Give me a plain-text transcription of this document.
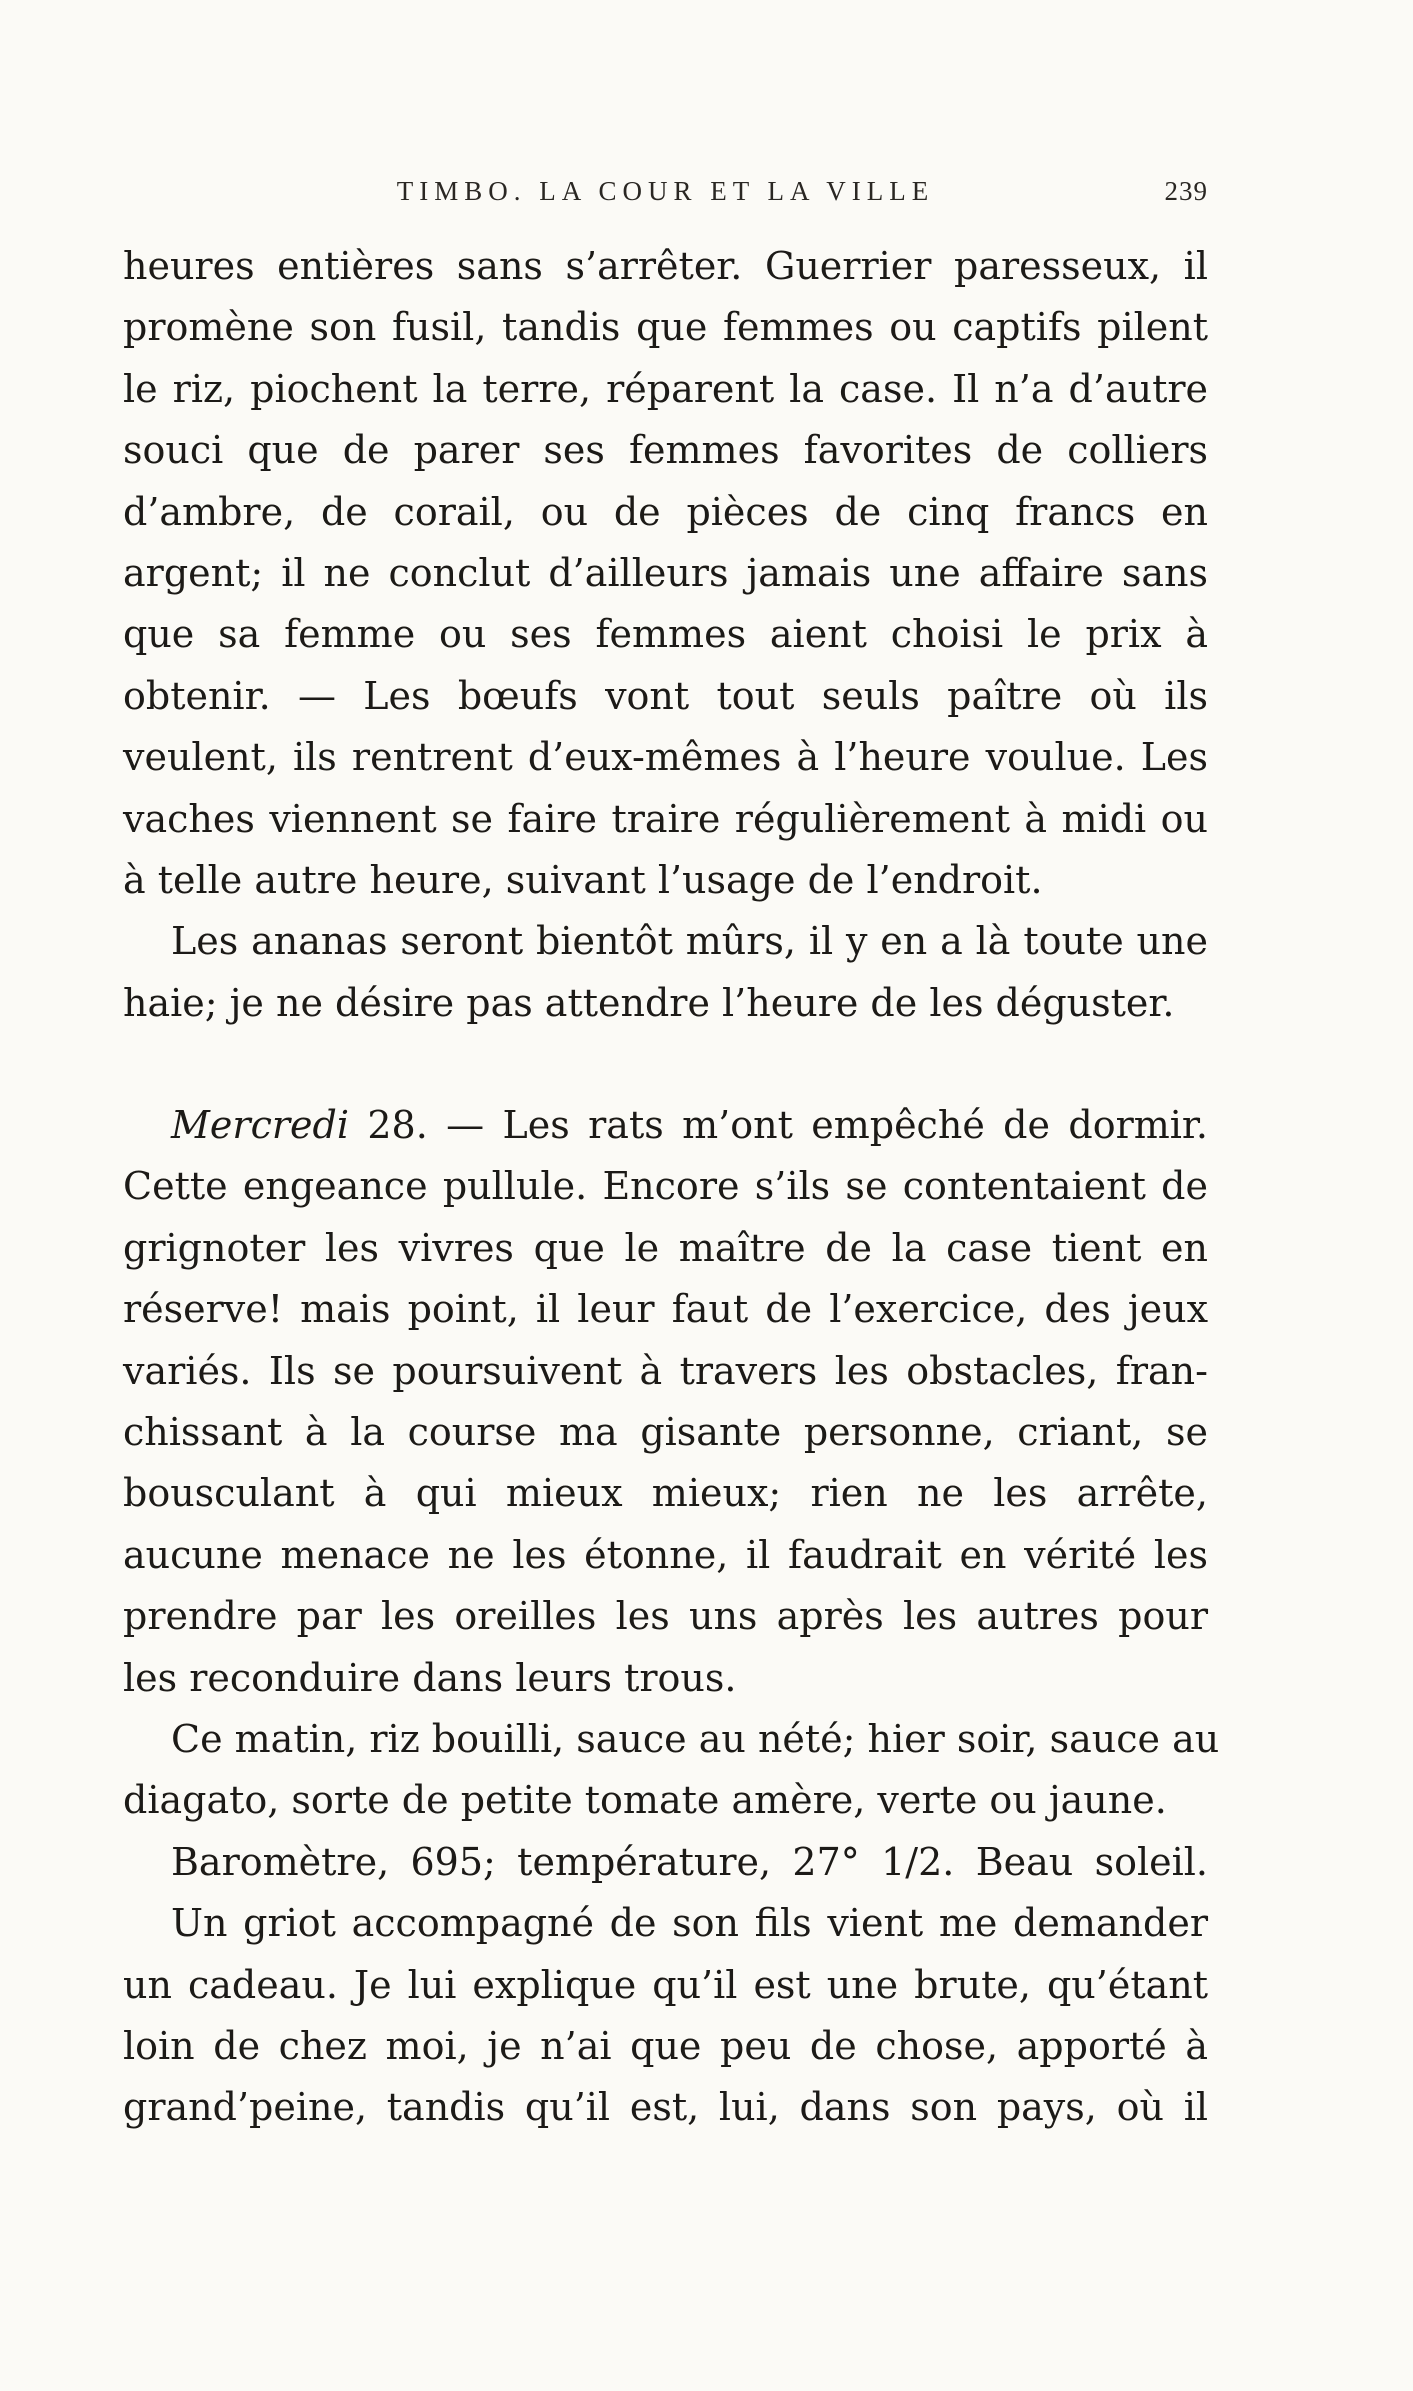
TIMBO. LA COUR ET LA VILLE	239
heures entières sans s’arrêter. Guerrier paresseux, il
promène son fusil, tandis que femmes ou captifs pilent
le riz, piochent la terre, réparent la case. Il n’a d’autre
souci que de parer ses femmes favorites de colliers
d’ambre, de corail, ou de pièces de cinq francs en
argent; il ne conclut d’ailleurs jamais une affaire sans
que sa femme ou ses femmes aient choisi le prix à
obtenir. — Les bœufs vont tout seuls paître où ils
veulent, ils rentrent d’eux-mêmes à l’heure voulue. Les
vaches viennent se faire traire régulièrement à midi ou
à telle autre heure, suivant l’usage de l’endroit.
Les ananas seront bientôt mûrs, il y en a là toute une
haie; je ne désire pas attendre l’heure de les déguster.
Mercredi 28. — Les rats m’ont empêché de dormir.
Cette engeance pullule. Encore s’ils se contentaient de
grignoter les vivres que le maître de la case tient en
réserve! mais point, il leur faut de l’exercice, des jeux
variés. Ils se poursuivent à travers les obstacles, fran-
chissant à la course ma gisante personne, criant, se
bousculant à qui mieux mieux; rien ne les arrête,
aucune menace ne les étonne, il faudrait en vérité les
prendre par les oreilles les uns après les autres pour
les reconduire dans leurs trous.
Ce matin, riz bouilli, sauce au nété; hier soir, sauce au
diagato, sorte de petite tomate amère, verte ou jaune.
Baromètre, 695; température, 27° 1/2. Beau soleil.
Un griot accompagné de son fils vient me demander
un cadeau. Je lui explique qu’il est une brute, qu’étant
loin de chez moi, je n’ai que peu de chose, apporté à
grand’peine, tandis qu’il est, lui, dans son pays, où il
